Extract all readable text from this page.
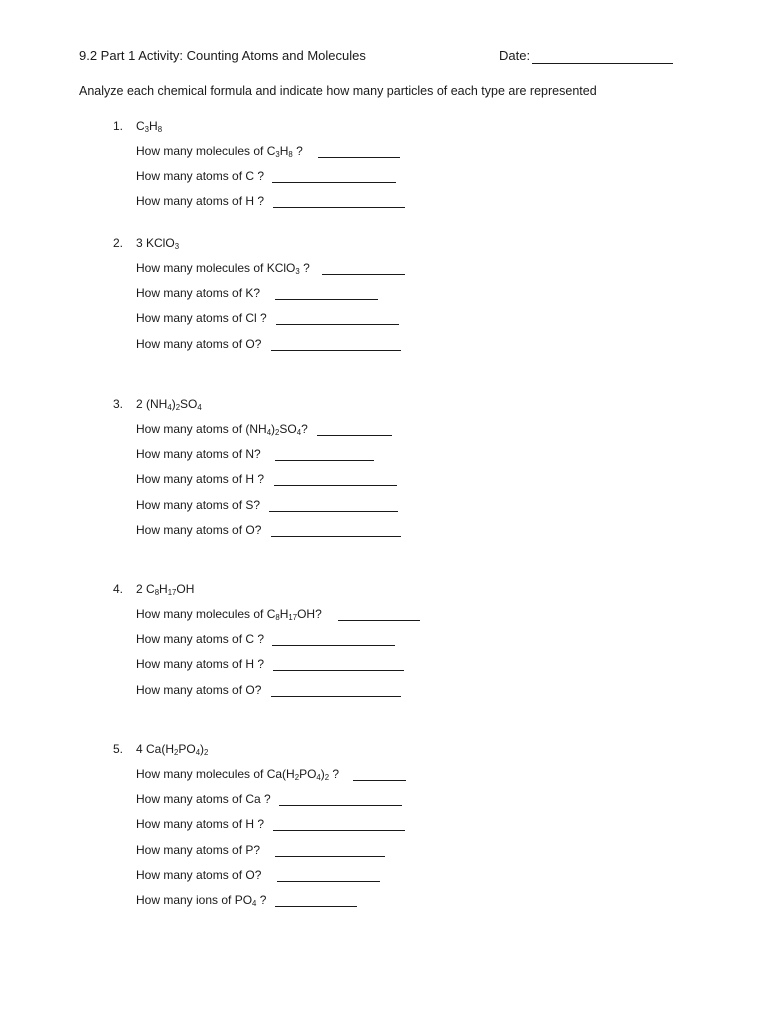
9.2 Part 1 Activity: Counting Atoms and Molecules	Date:
Analyze each chemical formula and indicate how many particles of each type are represented
1. $C_3H_8$
How many molecules of $C_3H_8$ ?
How many atoms of C ?
How many atoms of H ?
2. 3 KClO$_3$
How many molecules of KClO$_3$ ?
How many atoms of K?
How many atoms of Cl ?
How many atoms of O?
3. 2 $(NH_4)_2SO_4$
How many atoms of $(NH_4)_2SO_4$?
How many atoms of N?
How many atoms of H ?
How many atoms of S?
How many atoms of O?
4. 2 $C_8H_{17}OH$
How many molecules of $C_8H_{17}OH$?
How many atoms of C ?
How many atoms of H ?
How many atoms of O?
5. 4 $Ca(H_2PO_4)_2$
How many molecules of $Ca(H_2PO_4)_2$ ?
How many atoms of Ca ?
How many atoms of H ?
How many atoms of P?
How many atoms of O?
How many ions of $PO_4$ ?
